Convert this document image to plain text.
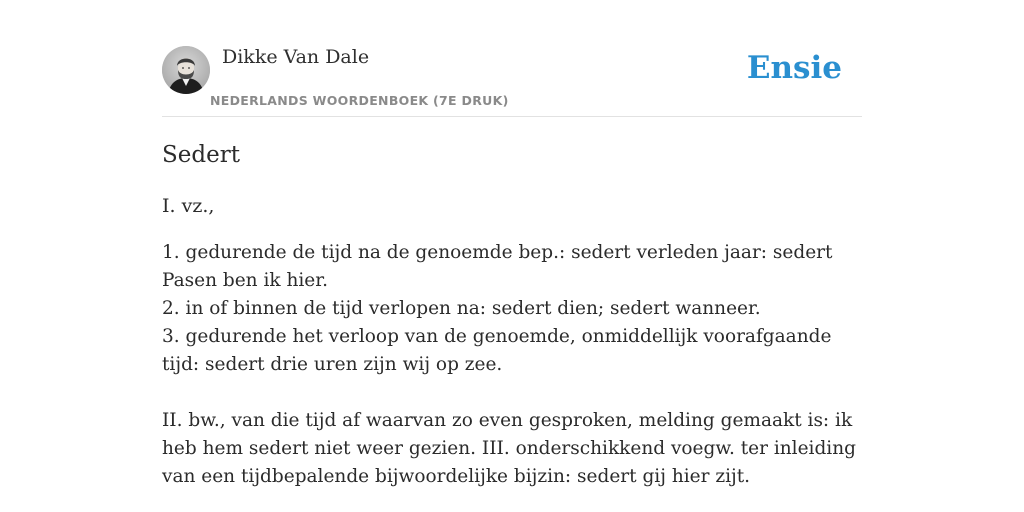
Dikke Van Dale
NEDERLANDS WOORDENBOEK (7E DRUK)
Ensie
Sedert

I. vz.,

1. gedurende de tijd na de genoemde bep.: sedert verleden jaar: sedert Pasen ben ik hier.
2. in of binnen de tijd verlopen na: sedert dien; sedert wanneer.
3. gedurende het verloop van de genoemde, onmiddellijk voorafgaande tijd: sedert drie uren zijn wij op zee.

II. bw., van die tijd af waarvan zo even gesproken, melding gemaakt is: ik heb hem sedert niet weer gezien. III. onderschikkend voegw. ter inleiding van een tijdbepalende bijwoordelijke bijzin: sedert gij hier zijt.
